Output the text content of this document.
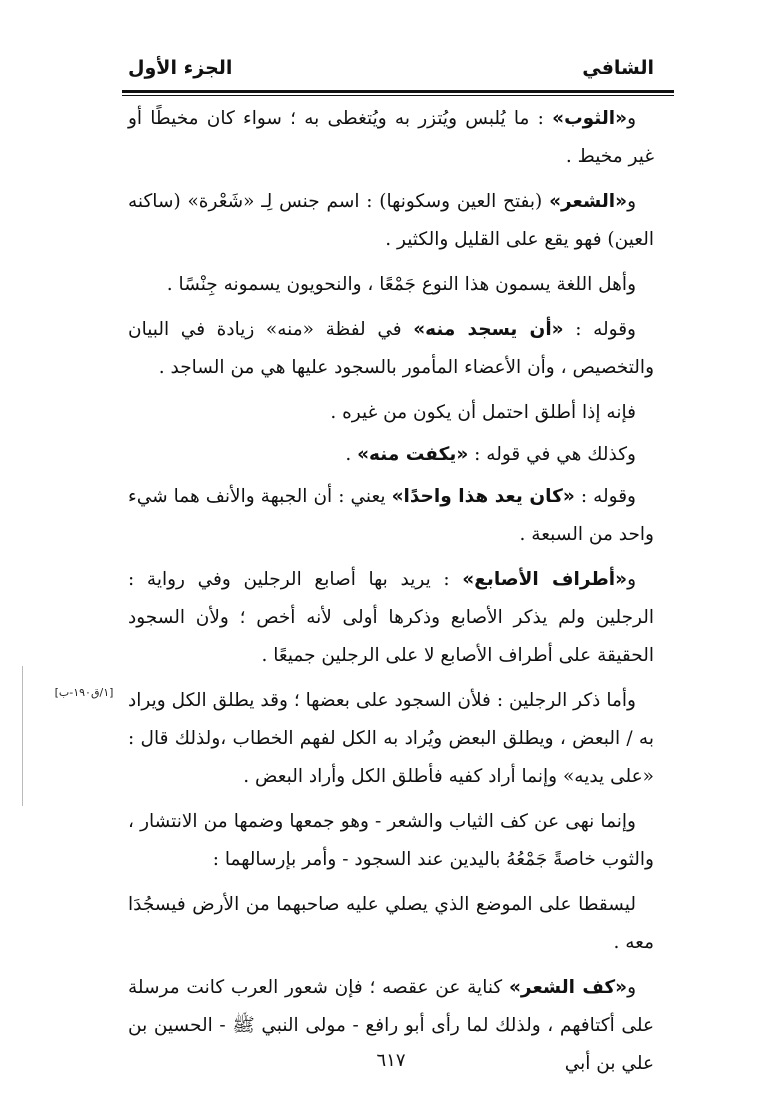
الشافي
الجزء الأول
[١/ق١٩٠-ب]

و«الثوب» : ما يُلبس ويُتزر به ويُتغطى به ؛ سواء كان مخيطًا أو غير مخيط .

و«الشعر» (بفتح العين وسكونها) : اسم جنس لِـ «شَعْرة» (ساكنه العين) فهو يقع على القليل والكثير .

وأهل اللغة يسمون هذا النوع جَمْعًا ، والنحويون يسمونه جِنْسًا .

وقوله : «أن يسجد منه» في لفظة «منه» زيادة في البيان والتخصيص ، وأن الأعضاء المأمور بالسجود عليها هي من الساجد .

فإنه إذا أطلق احتمل أن يكون من غيره .

وكذلك هي في قوله : «يكفت منه» .

وقوله : «كان يعد هذا واحدًا» يعني : أن الجبهة والأنف هما شيء واحد من السبعة .

و«أطراف الأصابع» : يريد بها أصابع الرجلين وفي رواية : الرجلين ولم يذكر الأصابع وذكرها أولى لأنه أخص ؛ ولأن السجود الحقيقة على أطراف الأصابع لا على الرجلين جميعًا .

وأما ذكر الرجلين : فلأن السجود على بعضها ؛ وقد يطلق الكل ويراد به / البعض ، ويطلق البعض ويُراد به الكل لفهم الخطاب ،ولذلك قال : «على يديه» وإنما أراد كفيه فأطلق الكل وأراد البعض .

وإنما نهى عن كف الثياب والشعر - وهو جمعها وضمها من الانتشار ، والثوب خاصةً جَمْعُهُ باليدين عند السجود - وأمر بإرسالهما :

ليسقطا على الموضع الذي يصلي عليه صاحبهما من الأرض فيسجُدَا معه .

و«كف الشعر» كناية عن عقصه ؛ فإن شعور العرب كانت مرسلة على أكتافهم ، ولذلك لما رأى أبو رافع - مولى النبي ﷺ - الحسين بن علي بن أبي

٦١٧
